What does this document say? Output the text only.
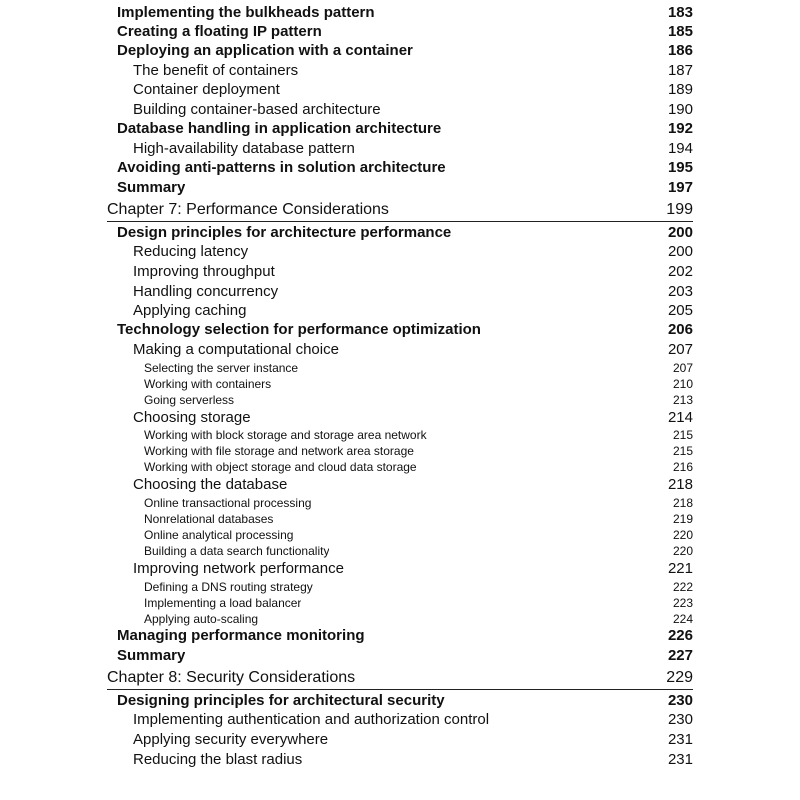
Implementing the bulkheads pattern	183
Creating a floating IP pattern	185
Deploying an application with a container	186
The benefit of containers	187
Container deployment	189
Building container-based architecture	190
Database handling in application architecture	192
High-availability database pattern	194
Avoiding anti-patterns in solution architecture	195
Summary	197
Chapter 7: Performance Considerations	199
Design principles for architecture performance	200
Reducing latency	200
Improving throughput	202
Handling concurrency	203
Applying caching	205
Technology selection for performance optimization	206
Making a computational choice	207
Selecting the server instance	207
Working with containers	210
Going serverless	213
Choosing storage	214
Working with block storage and storage area network	215
Working with file storage and network area storage	215
Working with object storage and cloud data storage	216
Choosing the database	218
Online transactional processing	218
Nonrelational databases	219
Online analytical processing	220
Building a data search functionality	220
Improving network performance	221
Defining a DNS routing strategy	222
Implementing a load balancer	223
Applying auto-scaling	224
Managing performance monitoring	226
Summary	227
Chapter 8: Security Considerations	229
Designing principles for architectural security	230
Implementing authentication and authorization control	230
Applying security everywhere	231
Reducing the blast radius	231
